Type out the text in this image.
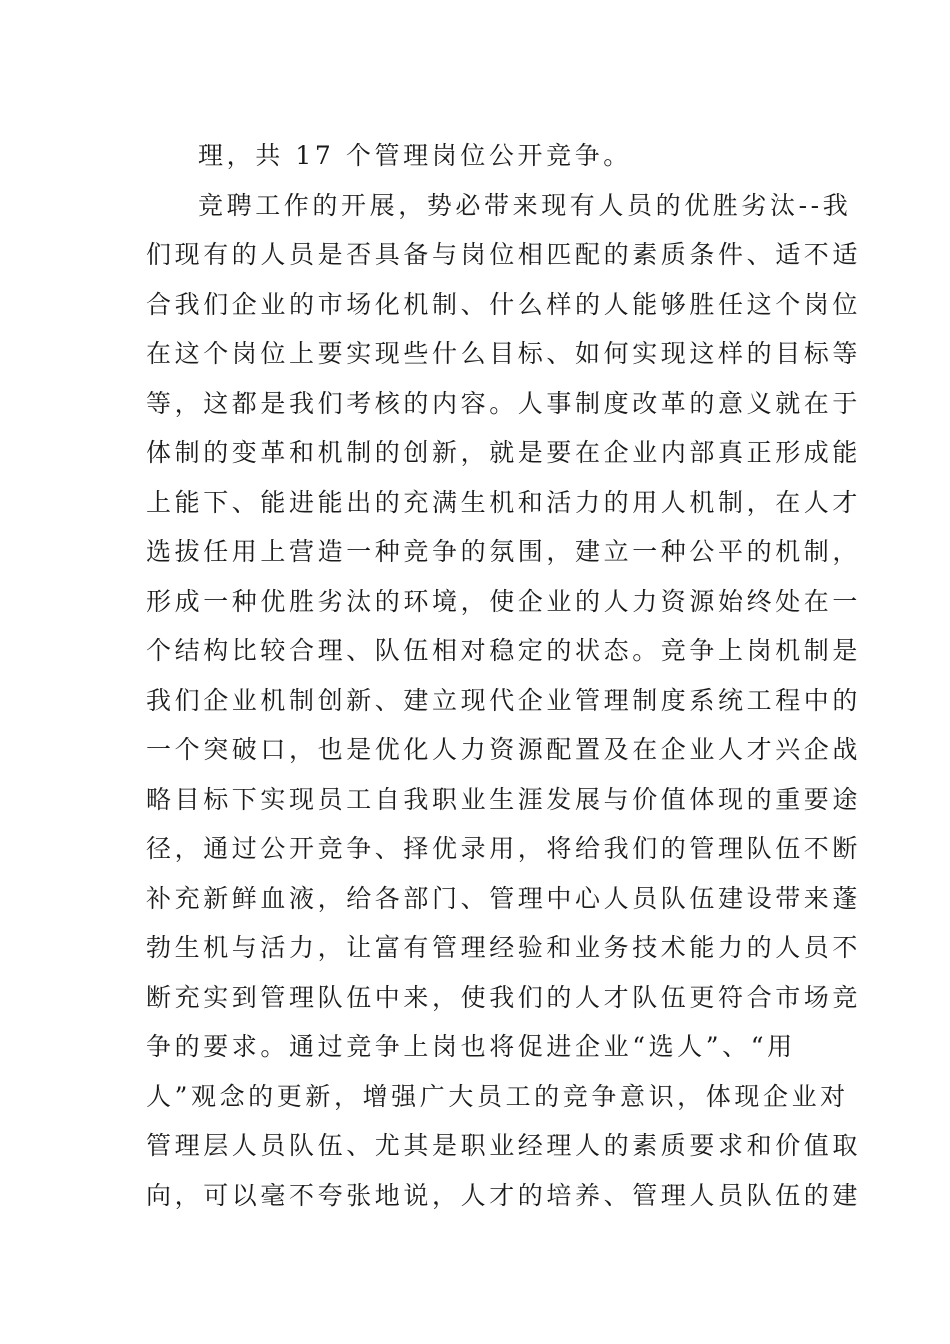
理，共 17 个管理岗位公开竞争。
竞聘工作的开展，势必带来现有人员的优胜劣汰--我
们现有的人员是否具备与岗位相匹配的素质条件、适不适
合我们企业的市场化机制、什么样的人能够胜任这个岗位
在这个岗位上要实现些什么目标、如何实现这样的目标等
等，这都是我们考核的内容。人事制度改革的意义就在于
体制的变革和机制的创新，就是要在企业内部真正形成能
上能下、能进能出的充满生机和活力的用人机制，在人才
选拔任用上营造一种竞争的氛围，建立一种公平的机制，
形成一种优胜劣汰的环境，使企业的人力资源始终处在一
个结构比较合理、队伍相对稳定的状态。竞争上岗机制是
我们企业机制创新、建立现代企业管理制度系统工程中的
一个突破口，也是优化人力资源配置及在企业人才兴企战
略目标下实现员工自我职业生涯发展与价值体现的重要途
径，通过公开竞争、择优录用，将给我们的管理队伍不断
补充新鲜血液，给各部门、管理中心人员队伍建设带来蓬
勃生机与活力，让富有管理经验和业务技术能力的人员不
断充实到管理队伍中来，使我们的人才队伍更符合市场竞
争的要求。通过竞争上岗也将促进企业“选人”、“用
人”观念的更新，增强广大员工的竞争意识，体现企业对
管理层人员队伍、尤其是职业经理人的素质要求和价值取
向，可以毫不夸张地说，人才的培养、管理人员队伍的建
